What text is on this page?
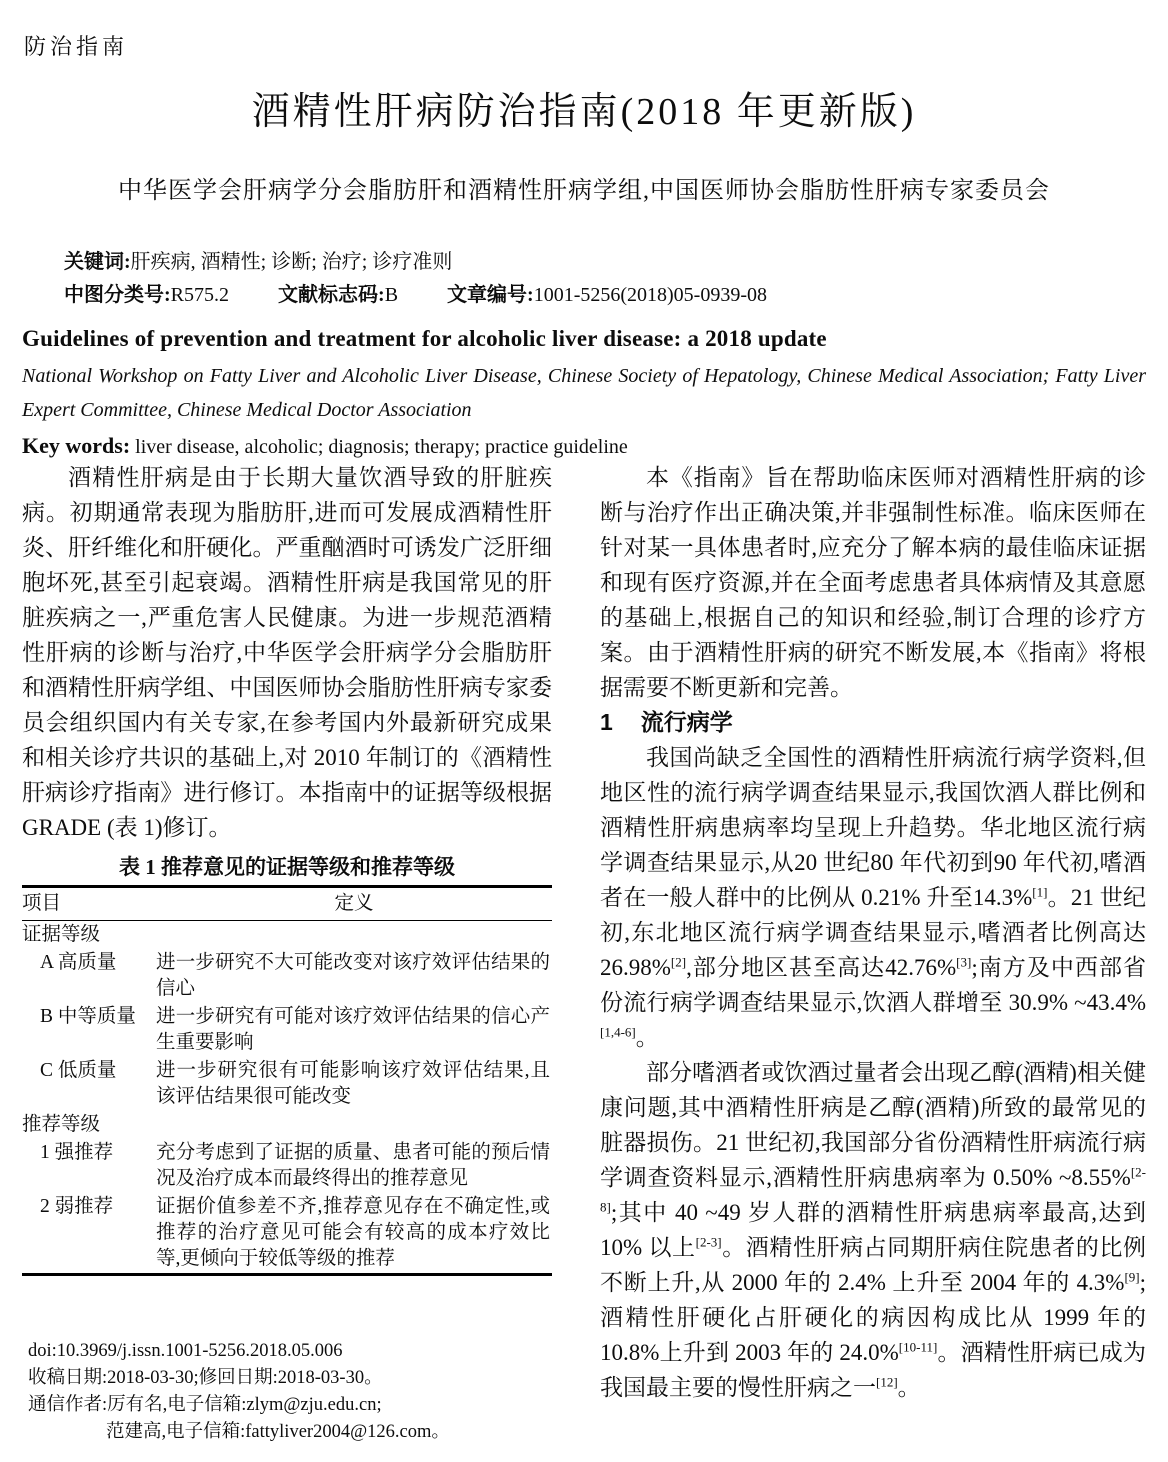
防治指南
酒精性肝病防治指南(2018 年更新版)
中华医学会肝病学分会脂肪肝和酒精性肝病学组,中国医师协会脂肪性肝病专家委员会
关键词:肝疾病, 酒精性; 诊断; 治疗; 诊疗准则
中图分类号:R575.2 文献标志码:B 文章编号:1001-5256(2018)05-0939-08
Guidelines of prevention and treatment for alcoholic liver disease: a 2018 update
National Workshop on Fatty Liver and Alcoholic Liver Disease, Chinese Society of Hepatology, Chinese Medical Association; Fatty Liver Expert Committee, Chinese Medical Doctor Association
Key words: liver disease, alcoholic; diagnosis; therapy; practice guideline

酒精性肝病是由于长期大量饮酒导致的肝脏疾病。初期通常表现为脂肪肝,进而可发展成酒精性肝炎、肝纤维化和肝硬化。严重酗酒时可诱发广泛肝细胞坏死,甚至引起衰竭。酒精性肝病是我国常见的肝脏疾病之一,严重危害人民健康。为进一步规范酒精性肝病的诊断与治疗,中华医学会肝病学分会脂肪肝和酒精性肝病学组、中国医师协会脂肪性肝病专家委员会组织国内有关专家,在参考国内外最新研究成果和相关诊疗共识的基础上,对 2010 年制订的《酒精性肝病诊疗指南》进行修订。本指南中的证据等级根据 GRADE (表 1)修订。

表 1 推荐意见的证据等级和推荐等级
项目	定义
证据等级
A 高质量	进一步研究不大可能改变对该疗效评估结果的信心
B 中等质量	进一步研究有可能对该疗效评估结果的信心产生重要影响
C 低质量	进一步研究很有可能影响该疗效评估结果,且该评估结果很可能改变
推荐等级
1 强推荐	充分考虑到了证据的质量、患者可能的预后情况及治疗成本而最终得出的推荐意见
2 弱推荐	证据价值参差不齐,推荐意见存在不确定性,或推荐的治疗意见可能会有较高的成本疗效比等,更倾向于较低等级的推荐
doi:10.3969/j.issn.1001-5256.2018.05.006
收稿日期:2018-03-30;修回日期:2018-03-30。
通信作者:厉有名,电子信箱:zlym@zju.edu.cn;
范建高,电子信箱:fattyliver2004@126.com。

本《指南》旨在帮助临床医师对酒精性肝病的诊断与治疗作出正确决策,并非强制性标准。临床医师在针对某一具体患者时,应充分了解本病的最佳临床证据和现有医疗资源,并在全面考虑患者具体病情及其意愿的基础上,根据自己的知识和经验,制订合理的诊疗方案。由于酒精性肝病的研究不断发展,本《指南》将根据需要不断更新和完善。

1 流行病学

我国尚缺乏全国性的酒精性肝病流行病学资料,但地区性的流行病学调查结果显示,我国饮酒人群比例和酒精性肝病患病率均呈现上升趋势。华北地区流行病学调查结果显示,从20 世纪80 年代初到90 年代初,嗜酒者在一般人群中的比例从 0.21% 升至14.3%[1]。21 世纪初,东北地区流行病学调查结果显示,嗜酒者比例高达 26.98%[2],部分地区甚至高达42.76%[3];南方及中西部省份流行病学调查结果显示,饮酒人群增至 30.9% ~43.4%[1,4-6]。

部分嗜酒者或饮酒过量者会出现乙醇(酒精)相关健康问题,其中酒精性肝病是乙醇(酒精)所致的最常见的脏器损伤。21 世纪初,我国部分省份酒精性肝病流行病学调查资料显示,酒精性肝病患病率为 0.50% ~8.55%[2-8];其中 40 ~49 岁人群的酒精性肝病患病率最高,达到 10% 以上[2-3]。酒精性肝病占同期肝病住院患者的比例不断上升,从 2000 年的 2.4% 上升至 2004 年的 4.3%[9];酒精性肝硬化占肝硬化的病因构成比从 1999 年的10.8%上升到 2003 年的 24.0%[10-11]。酒精性肝病已成为我国最主要的慢性肝病之一[12]。
